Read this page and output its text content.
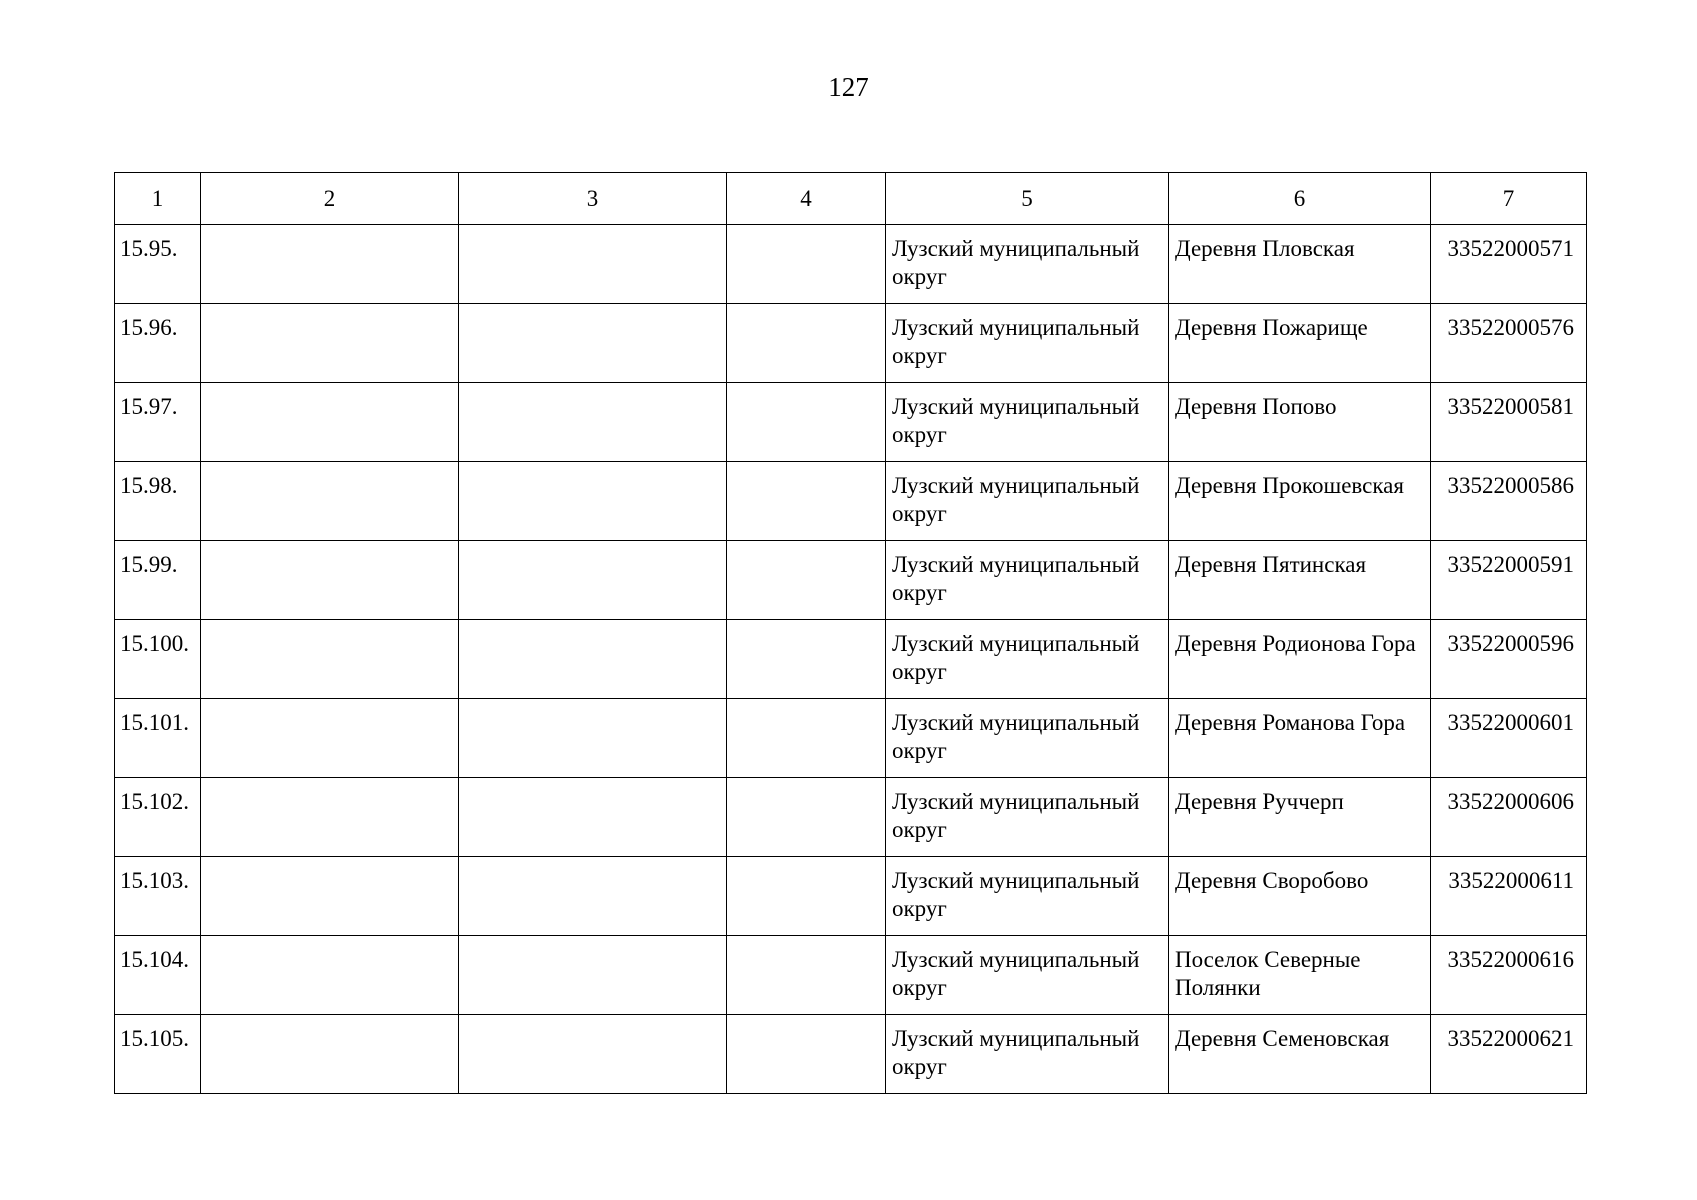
127
1	2	3	4	5	6	7
15.95.				Лузский муниципальный округ	Деревня Пловская	33522000571
15.96.				Лузский муниципальный округ	Деревня Пожарище	33522000576
15.97.				Лузский муниципальный округ	Деревня Попово	33522000581
15.98.				Лузский муниципальный округ	Деревня Прокошевская	33522000586
15.99.				Лузский муниципальный округ	Деревня Пятинская	33522000591
15.100.				Лузский муниципальный округ	Деревня Родионова Гора	33522000596
15.101.				Лузский муниципальный округ	Деревня Романова Гора	33522000601
15.102.				Лузский муниципальный округ	Деревня Руччерп	33522000606
15.103.				Лузский муниципальный округ	Деревня Своробово	33522000611
15.104.				Лузский муниципальный округ	Поселок Северные Полянки	33522000616
15.105.				Лузский муниципальный округ	Деревня Семеновская	33522000621
